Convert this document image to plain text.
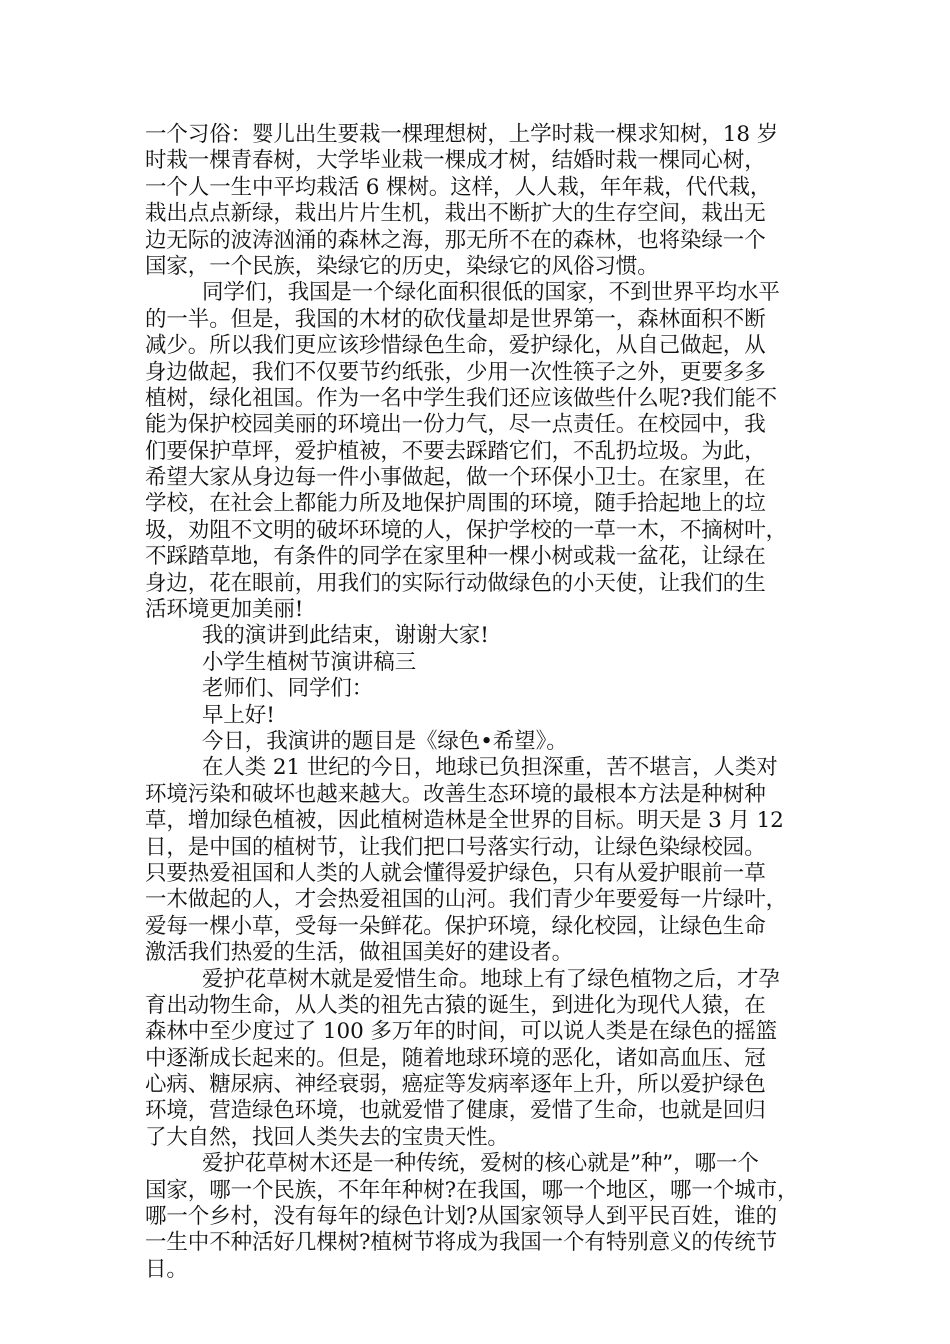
一个习俗：婴儿出生要栽一棵理想树，上学时栽一棵求知树，18 岁
时栽一棵青春树，大学毕业栽一棵成才树，结婚时栽一棵同心树，
一个人一生中平均栽活 6 棵树。这样，人人栽，年年栽，代代栽，
栽出点点新绿，栽出片片生机，栽出不断扩大的生存空间，栽出无
边无际的波涛汹涌的森林之海，那无所不在的森林，也将染绿一个
国家，一个民族，染绿它的历史，染绿它的风俗习惯。
同学们，我国是一个绿化面积很低的国家，不到世界平均水平
的一半。但是，我国的木材的砍伐量却是世界第一，森林面积不断
减少。所以我们更应该珍惜绿色生命，爱护绿化，从自己做起，从
身边做起，我们不仅要节约纸张，少用一次性筷子之外，更要多多
植树，绿化祖国。作为一名中学生我们还应该做些什么呢?我们能不
能为保护校园美丽的环境出一份力气，尽一点责任。在校园中，我
们要保护草坪，爱护植被，不要去踩踏它们，不乱扔垃圾。为此，
希望大家从身边每一件小事做起，做一个环保小卫士。在家里，在
学校，在社会上都能力所及地保护周围的环境，随手拾起地上的垃
圾，劝阻不文明的破坏环境的人，保护学校的一草一木，不摘树叶，
不踩踏草地，有条件的同学在家里种一棵小树或栽一盆花，让绿在
身边，花在眼前，用我们的实际行动做绿色的小天使，让我们的生
活环境更加美丽!
我的演讲到此结束，谢谢大家!
小学生植树节演讲稿三
老师们、同学们：
早上好!
今日，我演讲的题目是《绿色•希望》。
在人类 21 世纪的今日，地球已负担深重，苦不堪言，人类对
环境污染和破坏也越来越大。改善生态环境的最根本方法是种树种
草，增加绿色植被，因此植树造林是全世界的目标。明天是 3 月 12
日，是中国的植树节，让我们把口号落实行动，让绿色染绿校园。
只要热爱祖国和人类的人就会懂得爱护绿色，只有从爱护眼前一草
一木做起的人，才会热爱祖国的山河。我们青少年要爱每一片绿叶，
爱每一棵小草，受每一朵鲜花。保护环境，绿化校园，让绿色生命
激活我们热爱的生活，做祖国美好的建设者。
爱护花草树木就是爱惜生命。地球上有了绿色植物之后，才孕
育出动物生命，从人类的祖先古猿的诞生，到进化为现代人猿，在
森林中至少度过了 100 多万年的时间，可以说人类是在绿色的摇篮
中逐渐成长起来的。但是，随着地球环境的恶化，诸如高血压、冠
心病、糖尿病、神经衰弱，癌症等发病率逐年上升，所以爱护绿色
环境，营造绿色环境，也就爱惜了健康，爱惜了生命，也就是回归
了大自然，找回人类失去的宝贵天性。
爱护花草树木还是一种传统，爱树的核心就是”种”，哪一个
国家，哪一个民族，不年年种树?在我国，哪一个地区，哪一个城市，
哪一个乡村，没有每年的绿色计划?从国家领导人到平民百姓，谁的
一生中不种活好几棵树?植树节将成为我国一个有特别意义的传统节
日。
